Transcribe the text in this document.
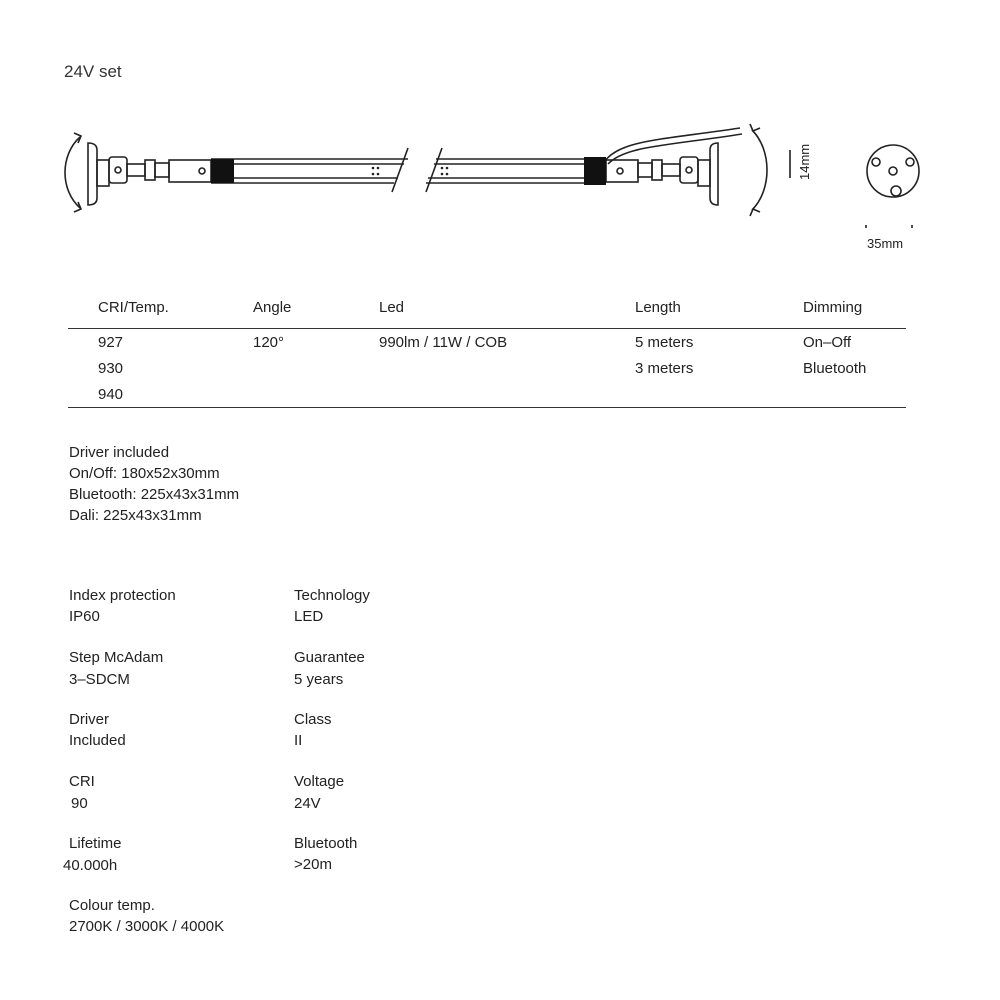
24V set
14mm
35mm
CRI/Temp.	Angle	Led	Length	Dimming
927	120°	990lm / 11W / COB	5 meters	On–Off
930			3 meters	Bluetooth
940				
Driver included
On/Off: 180x52x30mm
Bluetooth: 225x43x31mm
Dali: 225x43x31mm
Index protection
IP60
Technology
LED
Step McAdam
3–SDCM
Guarantee
5 years
Driver
Included
Class
II
CRI
90
Voltage
24V
Lifetime
40.000h
Bluetooth
>20m
Colour temp.
2700K / 3000K / 4000K
